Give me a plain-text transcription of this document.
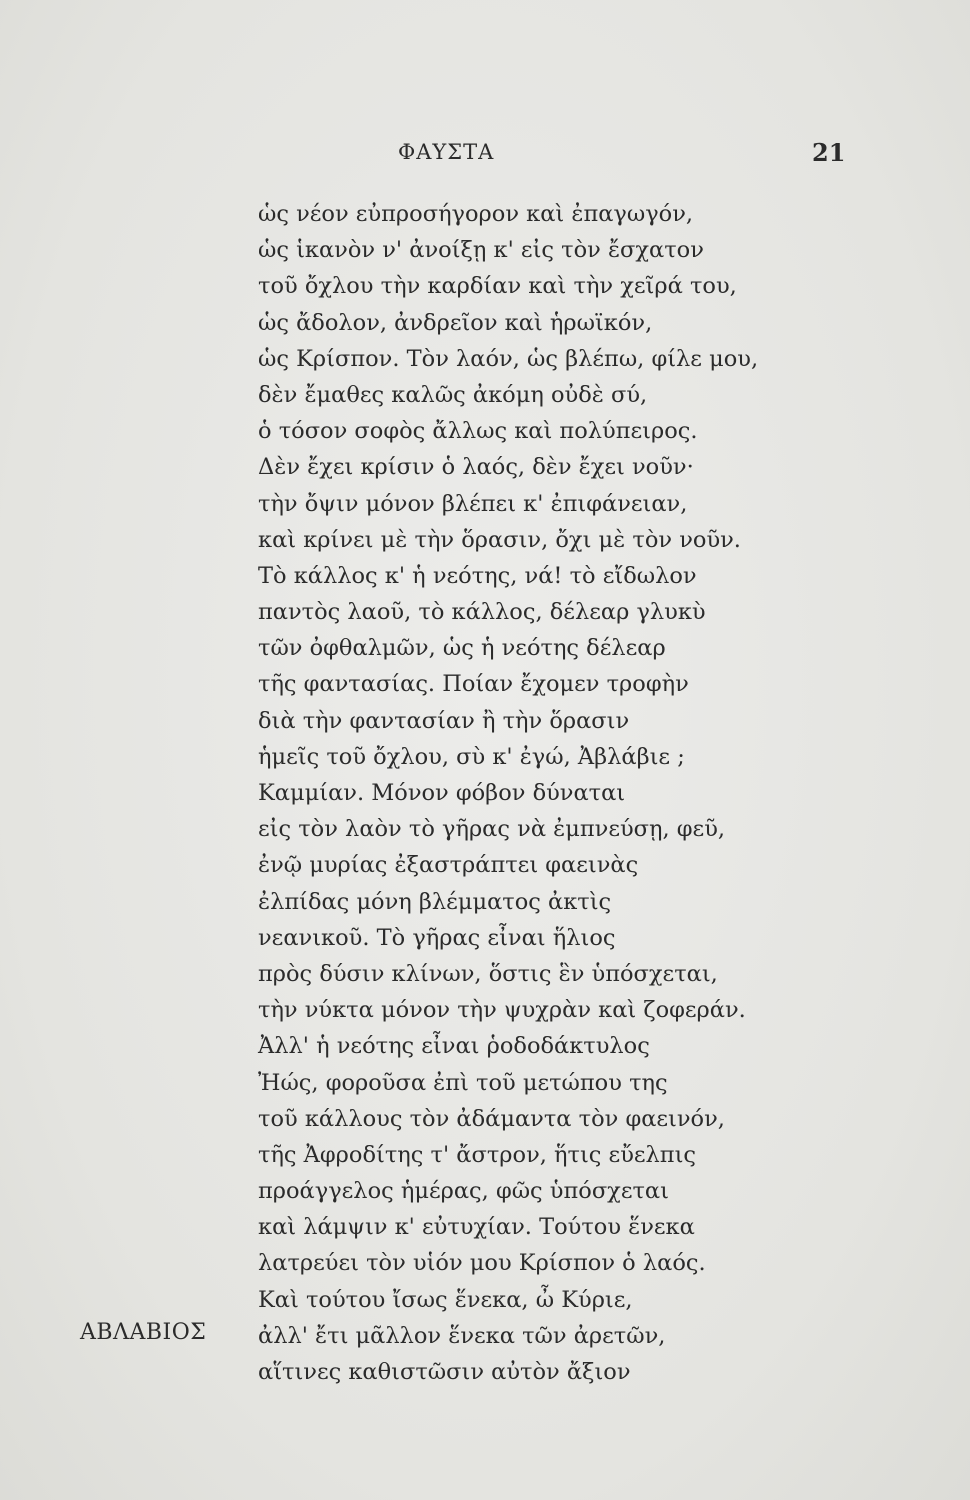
ΦΑΥΣΤΑ	21
ὡς νέον εὐπροσήγορον καὶ ἐπαγωγόν,
ὡς ἱκανὸν ν' ἀνοίξῃ κ' εἰς τὸν ἔσχατον
τοῦ ὄχλου τὴν καρδίαν καὶ τὴν χεῖρά του,
ὡς ἄδολον, ἀνδρεῖον καὶ ἡρωϊκόν,
ὡς Κρίσπον. Τὸν λαόν, ὡς βλέπω, φίλε μου,
δὲν ἔμαθες καλῶς ἀκόμη οὐδὲ σύ,
ὁ τόσον σοφὸς ἄλλως καὶ πολύπειρος.
Δὲν ἔχει κρίσιν ὁ λαός, δὲν ἔχει νοῦν·
τὴν ὄψιν μόνον βλέπει κ' ἐπιφάνειαν,
καὶ κρίνει μὲ τὴν ὅρασιν, ὄχι μὲ τὸν νοῦν.
Τὸ κάλλος κ' ἡ νεότης, νά! τὸ εἴδωλον
παντὸς λαοῦ, τὸ κάλλος, δέλεαρ γλυκὺ
τῶν ὀφθαλμῶν, ὡς ἡ νεότης δέλεαρ
τῆς φαντασίας. Ποίαν ἔχομεν τροφὴν
διὰ τὴν φαντασίαν ἢ τὴν ὅρασιν
ἡμεῖς τοῦ ὄχλου, σὺ κ' ἐγώ, Ἀβλάβιε ;
Καμμίαν. Μόνον φόβον δύναται
εἰς τὸν λαὸν τὸ γῆρας νὰ ἐμπνεύσῃ, φεῦ,
ἐνῷ μυρίας ἐξαστράπτει φαεινὰς
ἐλπίδας μόνη βλέμματος ἀκτὶς
νεανικοῦ. Τὸ γῆρας εἶναι ἥλιος
πρὸς δύσιν κλίνων, ὅστις ἓν ὑπόσχεται,
τὴν νύκτα μόνον τὴν ψυχρὰν καὶ ζοφεράν.
Ἀλλ' ἡ νεότης εἶναι ῥοδοδάκτυλος
Ἠώς, φοροῦσα ἐπὶ τοῦ μετώπου της
τοῦ κάλλους τὸν ἀδάμαντα τὸν φαεινόν,
τῆς Ἀφροδίτης τ' ἄστρον, ἥτις εὔελπις
προάγγελος ἡμέρας, φῶς ὑπόσχεται
καὶ λάμψιν κ' εὐτυχίαν. Τούτου ἕνεκα
λατρεύει τὸν υἱόν μου Κρίσπον ὁ λαός.
Καὶ τούτου ἴσως ἕνεκα, ὦ Κύριε,
ἀλλ' ἔτι μᾶλλον ἕνεκα τῶν ἀρετῶν,
αἵτινες καθιστῶσιν αὐτὸν ἄξιον
ΑΒΛΑΒΙΟΣ
